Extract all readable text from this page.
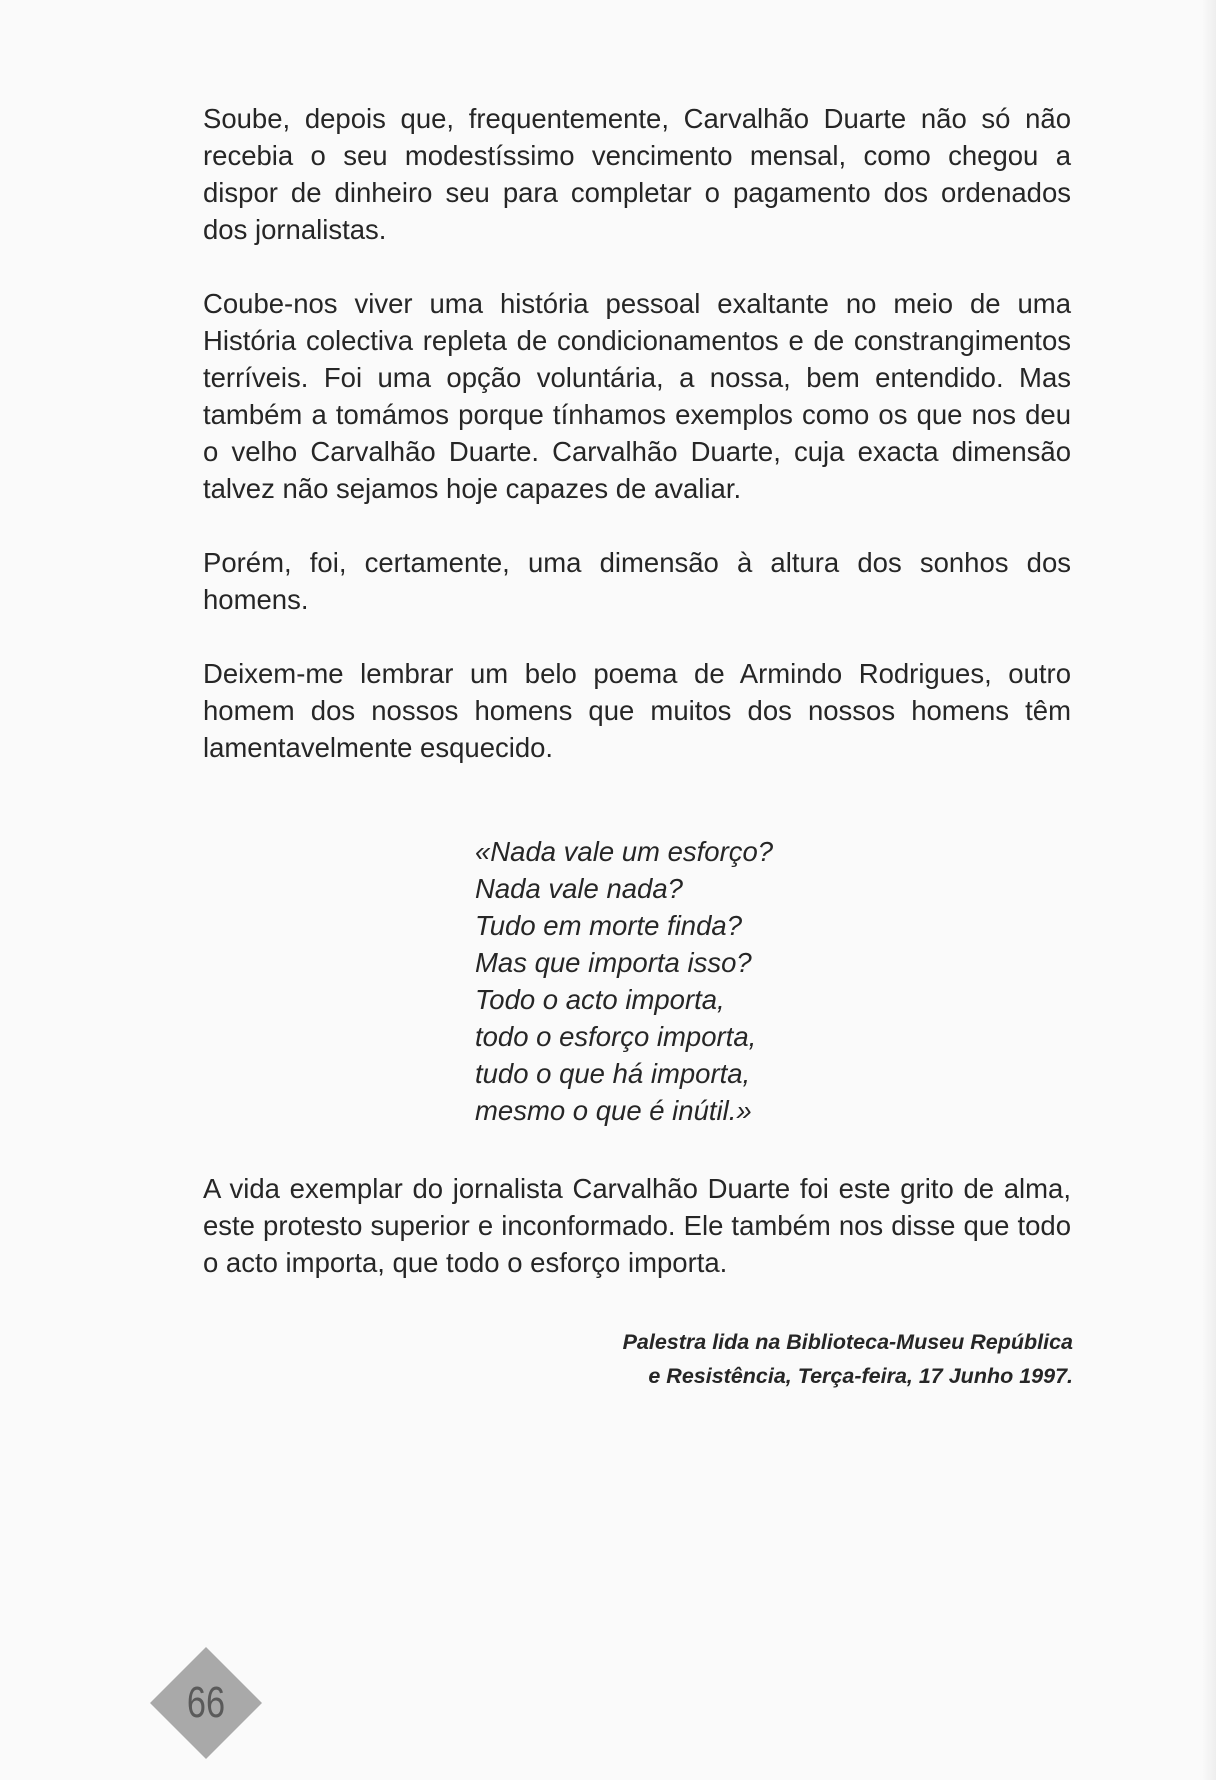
Soube, depois que, frequentemente, Carvalhão Duarte não só não recebia o seu modestíssimo vencimento mensal, como chegou a dispor de dinheiro seu para completar o pagamento dos ordenados dos jornalistas.

Coube-nos viver uma história pessoal exaltante no meio de uma História colectiva repleta de condicionamentos e de constrangimentos terríveis. Foi uma opção voluntária, a nossa, bem entendido. Mas também a tomámos porque tínhamos exemplos como os que nos deu o velho Carvalhão Duarte. Carvalhão Duarte, cuja exacta dimensão talvez não sejamos hoje capazes de avaliar.

Porém, foi, certamente, uma dimensão à altura dos sonhos dos homens.

Deixem-me lembrar um belo poema de Armindo Rodrigues, outro homem dos nossos homens que muitos dos nossos homens têm lamentavelmente esquecido.

«Nada vale um esforço?
Nada vale nada?
Tudo em morte finda?
Mas que importa isso?
Todo o acto importa,
todo o esforço importa,
tudo o que há importa,
mesmo o que é inútil.»

A vida exemplar do jornalista Carvalhão Duarte foi este grito de alma, este protesto superior e inconformado. Ele também nos disse que todo o acto importa, que todo o esforço importa.

Palestra lida na Biblioteca-Museu República
e Resistência, Terça-feira, 17 Junho 1997.
66
